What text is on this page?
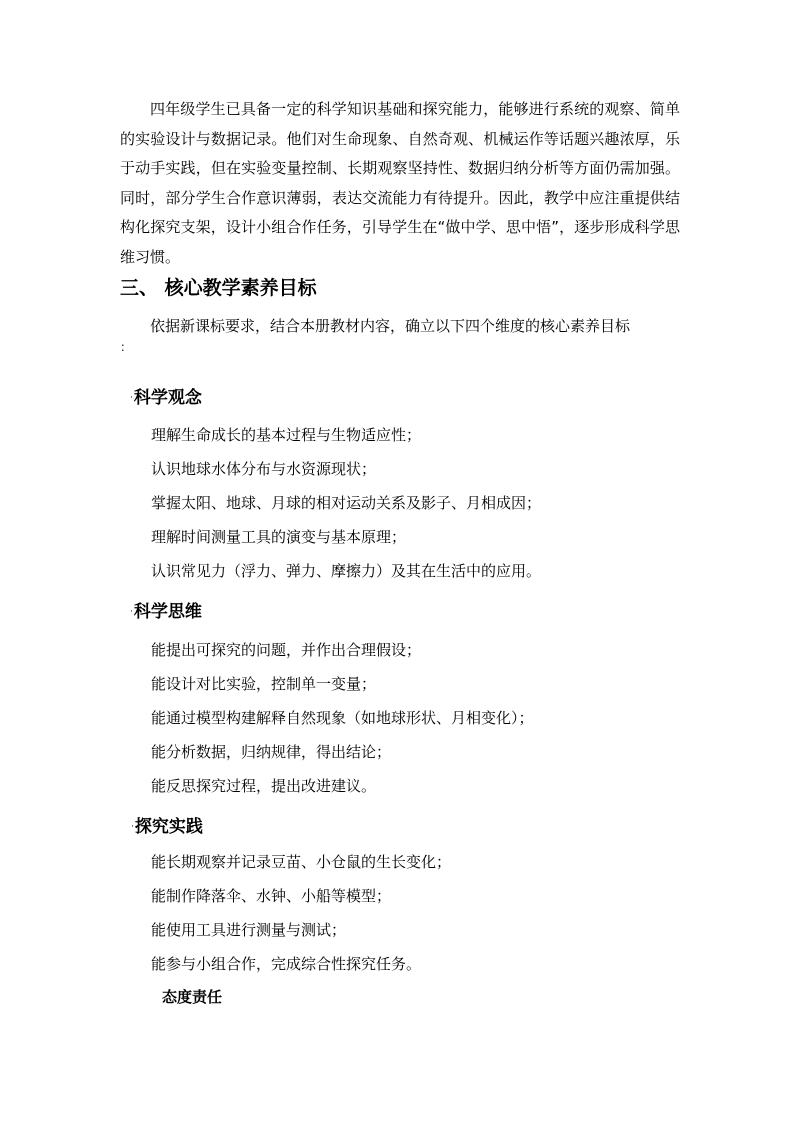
四年级学生已具备一定的科学知识基础和探究能力，能够进行系统的观察、简单的实验设计与数据记录。他们对生命现象、自然奇观、机械运作等话题兴趣浓厚，乐于动手实践，但在实验变量控制、长期观察坚持性、数据归纳分析等方面仍需加强。同时，部分学生合作意识薄弱，表达交流能力有待提升。因此，教学中应注重提供结构化探究支架，设计小组合作任务，引导学生在“做中学、思中悟”，逐步形成科学思维习惯。

三、 核心教学素养目标

依据新课标要求，结合本册教材内容，确立以下四个维度的核心素养目标

：
·科学观念
理解生命成长的基本过程与生物适应性；
认识地球水体分布与水资源现状；
掌握太阳、地球、月球的相对运动关系及影子、月相成因；
理解时间测量工具的演变与基本原理；
认识常见力（浮力、弹力、摩擦力）及其在生活中的应用。
·科学思维
能提出可探究的问题，并作出合理假设；
能设计对比实验，控制单一变量；
能通过模型构建解释自然现象（如地球形状、月相变化）；
能分析数据，归纳规律，得出结论；
能反思探究过程，提出改进建议。
·探究实践
能长期观察并记录豆苗、小仓鼠的生长变化；
能制作降落伞、水钟、小船等模型；
能使用工具进行测量与测试；
能参与小组合作，完成综合性探究任务。
态度责任
